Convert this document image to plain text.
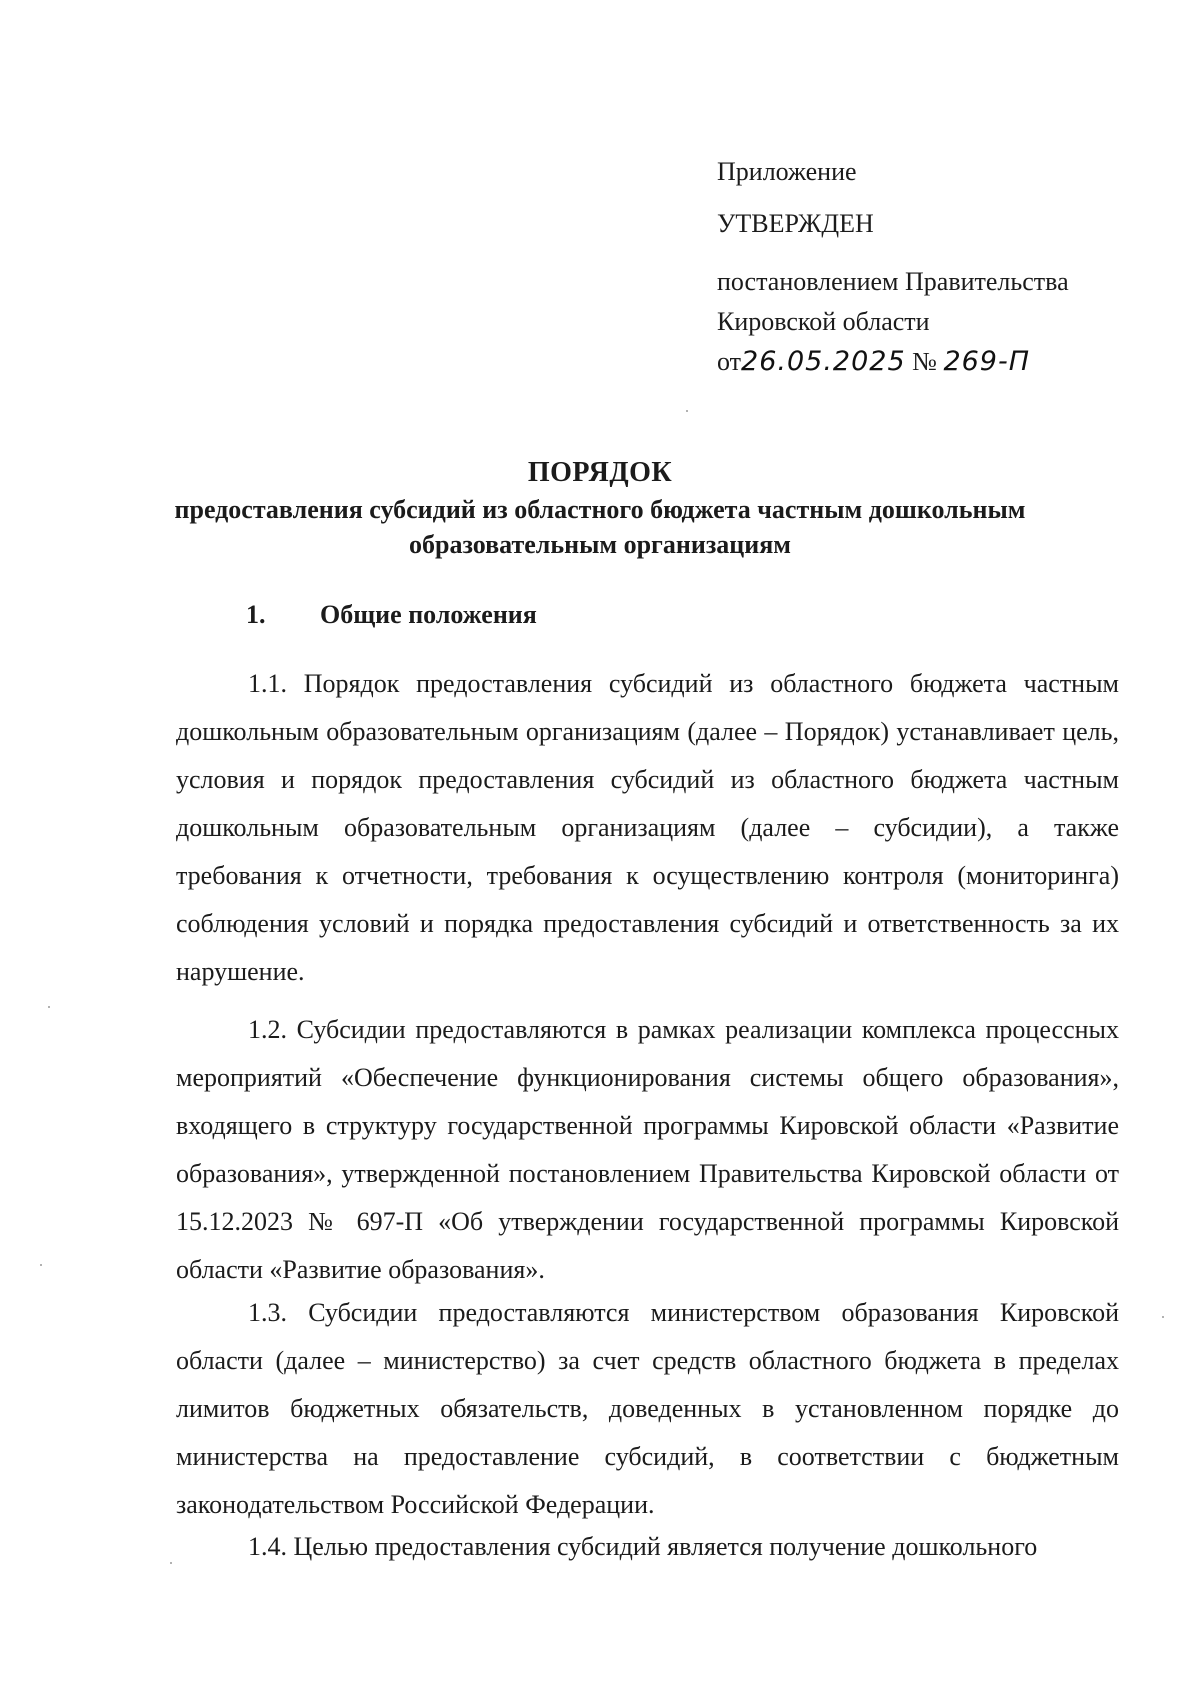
Приложение
УТВЕРЖДЕН
постановлением Правительства
Кировской области
от26.05.2025 № 269-П
ПОРЯДОК
предоставления субсидий из областного бюджета частным дошкольным
образовательным организациям
1. Общие положения
1.1. Порядок предоставления субсидий из областного бюджета частным дошкольным образовательным организациям (далее – Порядок) устанавливает цель, условия и порядок предоставления субсидий из областного бюджета частным дошкольным образовательным организациям (далее – субсидии), а также требования к отчетности, требования к осуществлению контроля (мониторинга) соблюдения условий и порядка предоставления субсидий и ответственность за их нарушение.
1.2. Субсидии предоставляются в рамках реализации комплекса процессных мероприятий «Обеспечение функционирования системы общего образования», входящего в структуру государственной программы Кировской области «Развитие образования», утвержденной постановлением Правительства Кировской области от 15.12.2023 № 697-П «Об утверждении государственной программы Кировской области «Развитие образования».
1.3. Субсидии предоставляются министерством образования Кировской области (далее – министерство) за счет средств областного бюджета в пределах лимитов бюджетных обязательств, доведенных в установленном порядке до министерства на предоставление субсидий, в соответствии с бюджетным законодательством Российской Федерации.
1.4. Целью предоставления субсидий является получение дошкольного
